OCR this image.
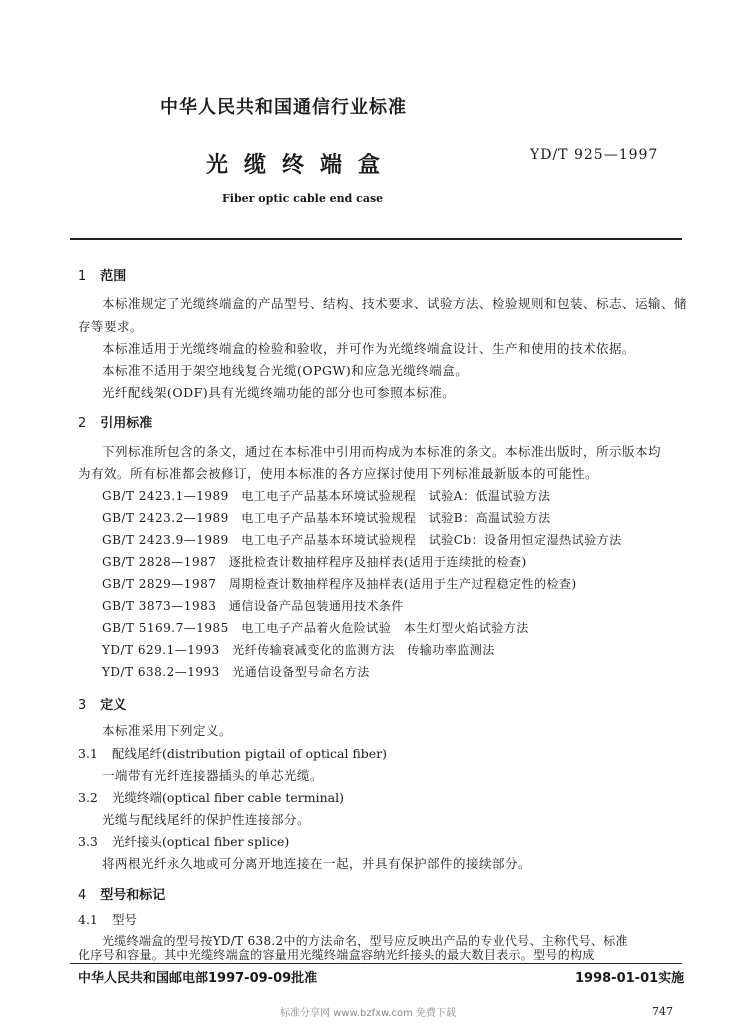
中华人民共和国通信行业标准
光缆终端盒	YD/T 925—1997
Fiber optic cable end case
1 范围
本标准规定了光缆终端盒的产品型号、结构、技术要求、试验方法、检验规则和包装、标志、运输、储
存等要求。
本标准适用于光缆终端盒的检验和验收，并可作为光缆终端盒设计、生产和使用的技术依据。
本标准不适用于架空地线复合光缆(OPGW)和应急光缆终端盒。
光纤配线架(ODF)具有光缆终端功能的部分也可参照本标准。
2 引用标准
下列标准所包含的条文，通过在本标准中引用而构成为本标准的条文。本标准出版时，所示版本均
为有效。所有标准都会被修订，使用本标准的各方应探讨使用下列标准最新版本的可能性。
GB/T 2423.1—1989　电工电子产品基本环境试验规程　试验A：低温试验方法
GB/T 2423.2—1989　电工电子产品基本环境试验规程　试验B：高温试验方法
GB/T 2423.9—1989　电工电子产品基本环境试验规程　试验Cb：设备用恒定湿热试验方法
GB/T 2828—1987　逐批检查计数抽样程序及抽样表(适用于连续批的检查)
GB/T 2829—1987　周期检查计数抽样程序及抽样表(适用于生产过程稳定性的检查)
GB/T 3873—1983　通信设备产品包装通用技术条件
GB/T 5169.7—1985　电工电子产品着火危险试验　本生灯型火焰试验方法
YD/T 629.1—1993　光纤传输衰减变化的监测方法　传输功率监测法
YD/T 638.2—1993　光通信设备型号命名方法
3 定义
本标准采用下列定义。
3.1 配线尾纤(distribution pigtail of optical fiber)
一端带有光纤连接器插头的单芯光缆。
3.2 光缆终端(optical fiber cable terminal)
光缆与配线尾纤的保护性连接部分。
3.3 光纤接头(optical fiber splice)
将两根光纤永久地或可分离开地连接在一起，并具有保护部件的接续部分。
4 型号和标记
4.1 型号
光缆终端盒的型号按YD/T 638.2中的方法命名，型号应反映出产品的专业代号、主称代号、标准
化序号和容量。其中光缆终端盒的容量用光缆终端盒容纳光纤接头的最大数目表示。型号的构成
中华人民共和国邮电部1997-09-09批准	1998-01-01实施
标准分享网 www.bzfxw.com 免费下载	747
